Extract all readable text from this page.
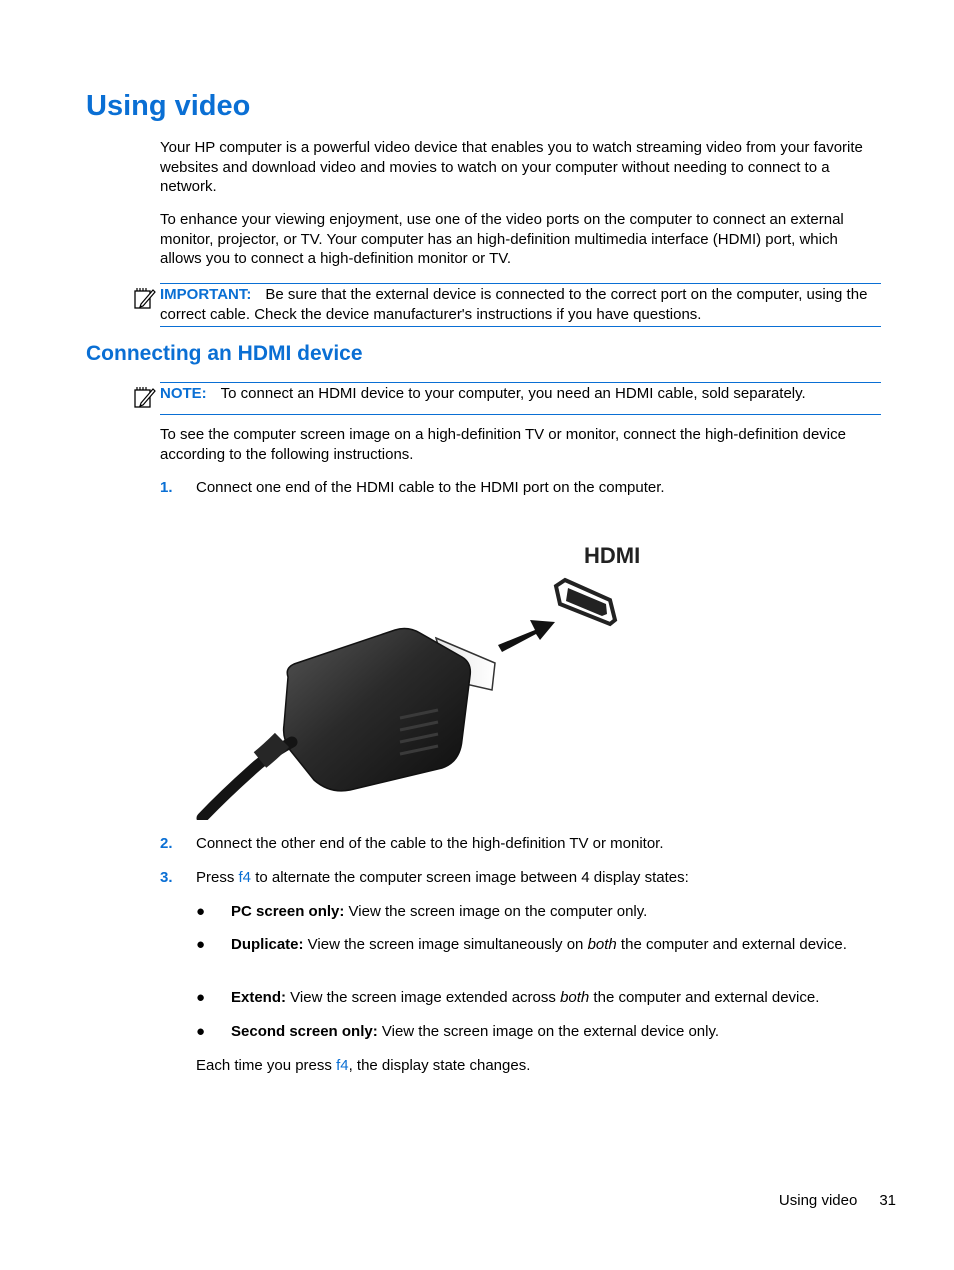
Using video

Your HP computer is a powerful video device that enables you to watch streaming video from your favorite websites and download video and movies to watch on your computer without needing to connect to a network.

To enhance your viewing enjoyment, use one of the video ports on the computer to connect an external monitor, projector, or TV. Your computer has an high-definition multimedia interface (HDMI) port, which allows you to connect a high-definition monitor or TV.

IMPORTANT: Be sure that the external device is connected to the correct port on the computer, using the correct cable. Check the device manufacturer's instructions if you have questions.
Connecting an HDMI device
NOTE: To connect an HDMI device to your computer, you need an HDMI cable, sold separately.

To see the computer screen image on a high-definition TV or monitor, connect the high-definition device according to the following instructions.

1. Connect one end of the HDMI cable to the HDMI port on the computer.
HDMI
2. Connect the other end of the cable to the high-definition TV or monitor.
3. Press f4 to alternate the computer screen image between 4 display states:
● PC screen only: View the screen image on the computer only.
● Duplicate: View the screen image simultaneously on both the computer and external device.
● Extend: View the screen image extended across both the computer and external device.
● Second screen only: View the screen image on the external device only.
Each time you press f4, the display state changes.
Using video 31
